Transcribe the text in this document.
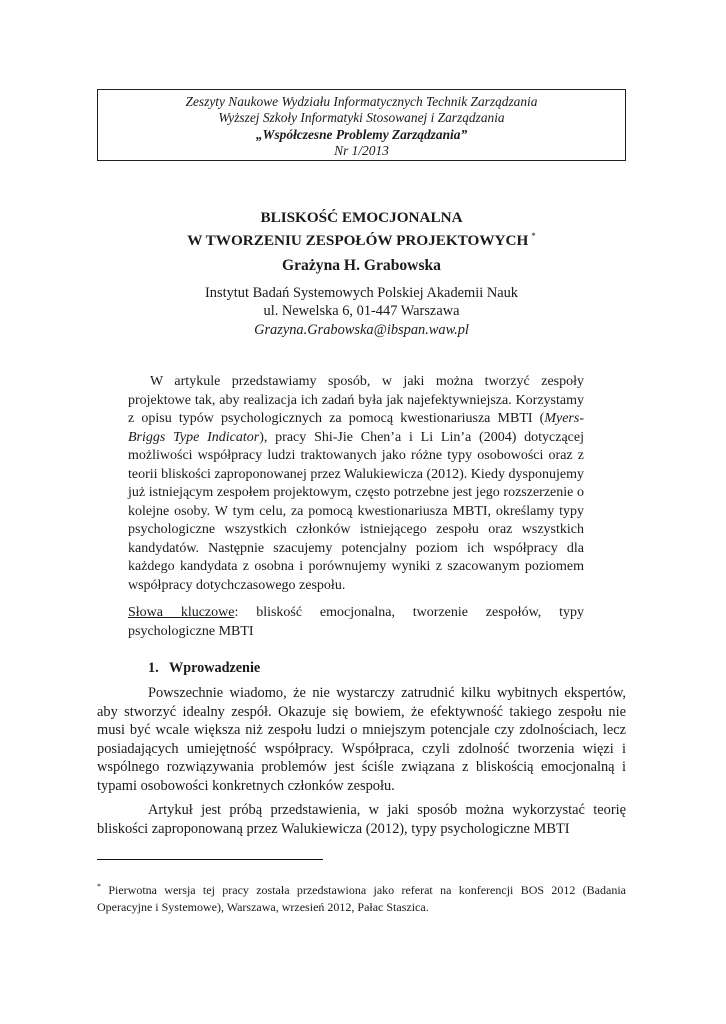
Zeszyty Naukowe Wydziału Informatycznych Technik Zarządzania
Wyższej Szkoły Informatyki Stosowanej i Zarządzania
„Współczesne Problemy Zarządzania”
Nr 1/2013
BLISKOŚĆ EMOCJONALNA
W TWORZENIU ZESPOŁÓW PROJEKTOWYCH *
Grażyna H. Grabowska
Instytut Badań Systemowych Polskiej Akademii Nauk
ul. Newelska 6, 01-447 Warszawa
Grazyna.Grabowska@ibspan.waw.pl

W artykule przedstawiamy sposób, w jaki można tworzyć zespoły projektowe tak, aby realizacja ich zadań była jak najefektywniejsza. Korzystamy z opisu typów psychologicznych za pomocą kwestionariusza MBTI (Myers-Briggs Type Indicator), pracy Shi-Jie Chen’a i Li Lin’a (2004) dotyczącej możliwości współpracy ludzi traktowanych jako różne typy osobowości oraz z teorii bliskości zaproponowanej przez Walukiewicza (2012). Kiedy dysponujemy już istniejącym zespołem projektowym, często potrzebne jest jego rozszerzenie o kolejne osoby. W tym celu, za pomocą kwestionariusza MBTI, określamy typy psychologiczne wszystkich członków istniejącego zespołu oraz wszystkich kandydatów. Następnie szacujemy potencjalny poziom ich współpracy dla każdego kandydata z osobna i porównujemy wyniki z szacowanym poziomem współpracy dotychczasowego zespołu.

Słowa kluczowe: bliskość emocjonalna, tworzenie zespołów, typy psychologiczne MBTI

1.   Wprowadzenie

Powszechnie wiadomo, że nie wystarczy zatrudnić kilku wybitnych ekspertów, aby stworzyć idealny zespół. Okazuje się bowiem, że efektywność takiego zespołu nie musi być wcale większa niż zespołu ludzi o mniejszym potencjale czy zdolnościach, lecz posiadających umiejętność współpracy. Współpraca, czyli zdolność tworzenia więzi i wspólnego rozwiązywania problemów jest ściśle związana z bliskością emocjonalną i typami osobowości konkretnych członków zespołu.

Artykuł jest próbą przedstawienia, w jaki sposób można wykorzystać teorię bliskości zaproponowaną przez Walukiewicza (2012), typy psychologiczne MBTI

* Pierwotna wersja tej pracy została przedstawiona jako referat na konferencji BOS 2012 (Badania Operacyjne i Systemowe), Warszawa, wrzesień 2012, Pałac Staszica.
